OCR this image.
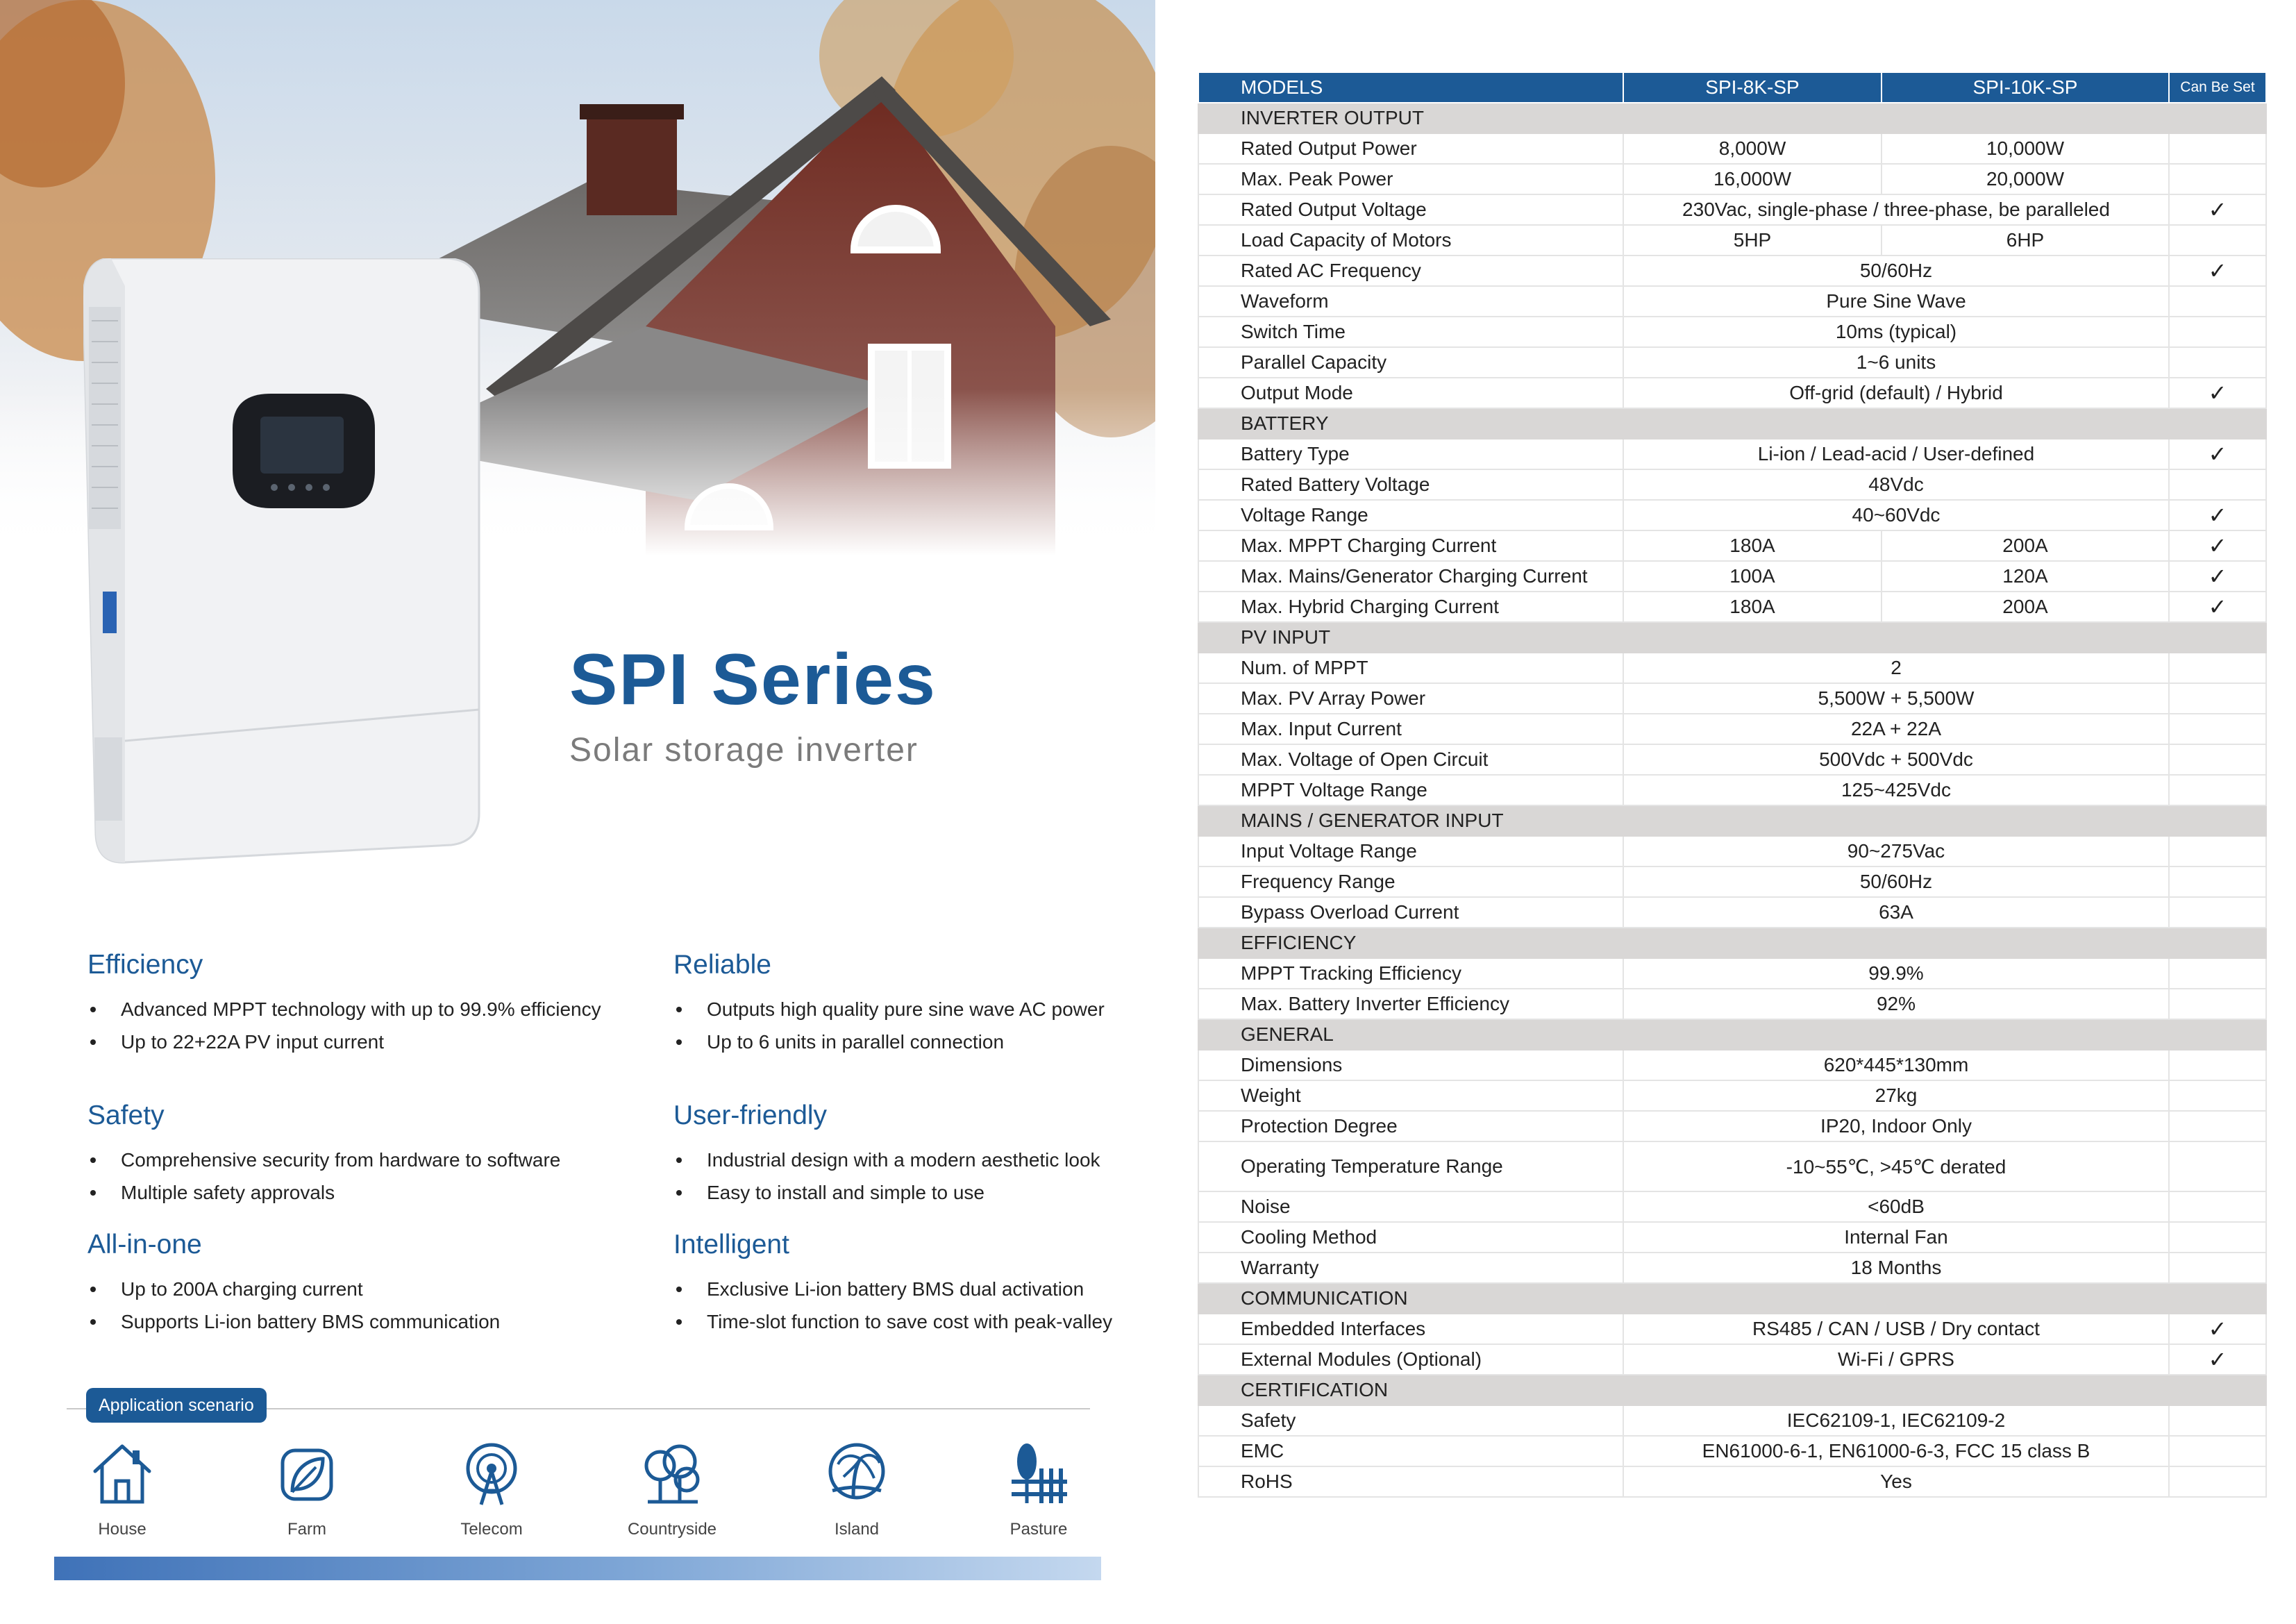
SPI Series
Solar storage inverter
Efficiency
Advanced MPPT technology with up to 99.9% efficiency
Up to 22+22A PV input current
Reliable
Outputs high quality pure sine wave AC power
Up to 6 units in parallel connection
Safety
Comprehensive security from hardware to software
Multiple safety approvals
User-friendly
Industrial design with a modern aesthetic look
Easy to install and simple to use
All-in-one
Up to 200A charging current
Supports Li-ion battery BMS communication
Intelligent
Exclusive Li-ion battery BMS dual activation
Time-slot function to save cost with peak-valley
Application scenario
House	Farm	Telecom	Countryside	Island	Pasture
MODELS	SPI-8K-SP	SPI-10K-SP	Can Be Set
INVERTER OUTPUT			
Rated Output Power	8,000W	10,000W	
Max. Peak Power	16,000W	20,000W	
Rated Output Voltage	230Vac, single-phase / three-phase, be paralleled		✓
Load Capacity of Motors	5HP	6HP	
Rated AC Frequency	50/60Hz		✓
Waveform	Pure Sine Wave		
Switch Time	10ms (typical)		
Parallel Capacity	1~6 units		
Output Mode	Off-grid (default) / Hybrid		✓
BATTERY			
Battery Type	Li-ion / Lead-acid / User-defined		✓
Rated Battery Voltage	48Vdc		
Voltage Range	40~60Vdc		✓
Max. MPPT Charging Current	180A	200A	✓
Max. Mains/Generator Charging Current	100A	120A	✓
Max. Hybrid Charging Current	180A	200A	✓
PV INPUT			
Num. of MPPT	2		
Max. PV Array Power	5,500W + 5,500W		
Max. Input Current	22A + 22A		
Max. Voltage of Open Circuit	500Vdc + 500Vdc		
MPPT Voltage Range	125~425Vdc		
MAINS / GENERATOR INPUT			
Input Voltage Range	90~275Vac		
Frequency Range	50/60Hz		
Bypass Overload Current	63A		
EFFICIENCY			
MPPT Tracking Efficiency	99.9%		
Max. Battery Inverter Efficiency	92%		
GENERAL			
Dimensions	620*445*130mm		
Weight	27kg		
Protection Degree	IP20, Indoor Only		
Operating Temperature Range	-10~55℃, >45℃ derated		
Noise	<60dB		
Cooling Method	Internal Fan		
Warranty	18 Months		
COMMUNICATION			
Embedded Interfaces	RS485 / CAN / USB / Dry contact		✓
External Modules (Optional)	Wi-Fi / GPRS		✓
CERTIFICATION			
Safety	IEC62109-1, IEC62109-2		
EMC	EN61000-6-1, EN61000-6-3, FCC 15 class B		
RoHS	Yes		
